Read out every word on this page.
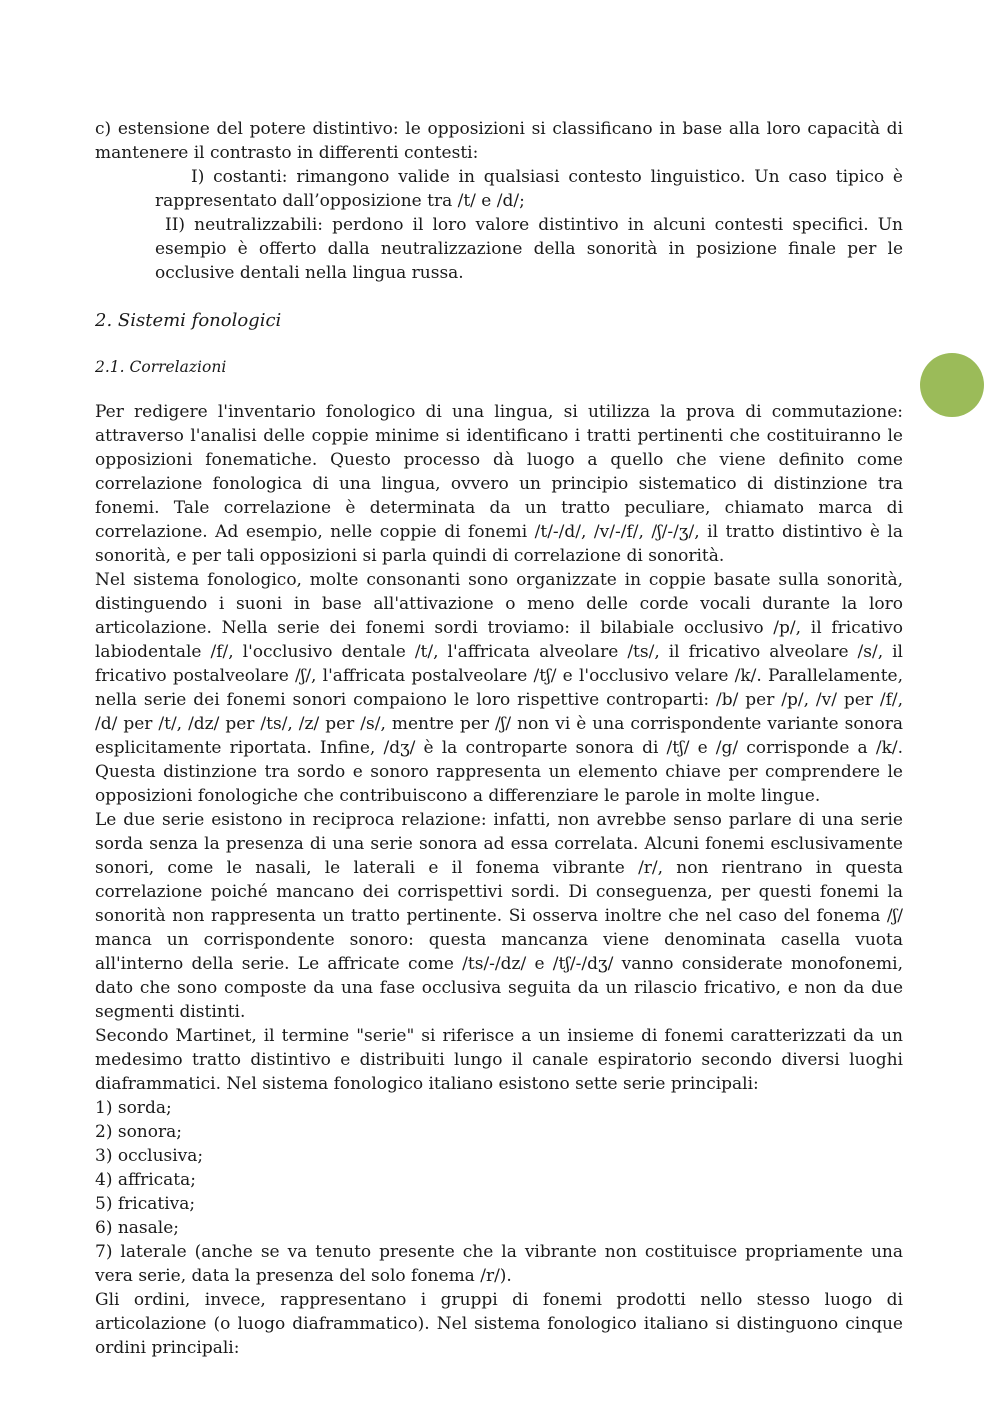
c) estensione del potere distintivo: le opposizioni si classificano in base alla loro capacità di mantenere il contrasto in differenti contesti:

I) costanti: rimangono valide in qualsiasi contesto linguistico. Un caso tipico è rappresentato dall’opposizione tra /t/ e /d/;

II) neutralizzabili: perdono il loro valore distintivo in alcuni contesti specifici. Un esempio è offerto dalla neutralizzazione della sonorità in posizione finale per le occlusive dentali nella lingua russa.

2. Sistemi fonologici

2.1. Correlazioni

Per redigere l'inventario fonologico di una lingua, si utilizza la prova di commutazione: attraverso l'analisi delle coppie minime si identificano i tratti pertinenti che costituiranno le opposizioni fonematiche. Questo processo dà luogo a quello che viene definito come correlazione fonologica di una lingua, ovvero un principio sistematico di distinzione tra fonemi. Tale correlazione è determinata da un tratto peculiare, chiamato marca di correlazione. Ad esempio, nelle coppie di fonemi /t/-/d/, /v/-/f/, /ʃ/-/ʒ/, il tratto distintivo è la sonorità, e per tali opposizioni si parla quindi di correlazione di sonorità.

Nel sistema fonologico, molte consonanti sono organizzate in coppie basate sulla sonorità, distinguendo i suoni in base all'attivazione o meno delle corde vocali durante la loro articolazione. Nella serie dei fonemi sordi troviamo: il bilabiale occlusivo /p/, il fricativo labiodentale /f/, l'occlusivo dentale /t/, l'affricata alveolare /ts/, il fricativo alveolare /s/, il fricativo postalveolare /ʃ/, l'affricata postalveolare /tʃ/ e l'occlusivo velare /k/. Parallelamente, nella serie dei fonemi sonori compaiono le loro rispettive controparti: /b/ per /p/, /v/ per /f/, /d/ per /t/, /dz/ per /ts/, /z/ per /s/, mentre per /ʃ/ non vi è una corrispondente variante sonora esplicitamente riportata. Infine, /dʒ/ è la controparte sonora di /tʃ/ e /g/ corrisponde a /k/. Questa distinzione tra sordo e sonoro rappresenta un elemento chiave per comprendere le opposizioni fonologiche che contribuiscono a differenziare le parole in molte lingue.

Le due serie esistono in reciproca relazione: infatti, non avrebbe senso parlare di una serie sorda senza la presenza di una serie sonora ad essa correlata. Alcuni fonemi esclusivamente sonori, come le nasali, le laterali e il fonema vibrante /r/, non rientrano in questa correlazione poiché mancano dei corrispettivi sordi. Di conseguenza, per questi fonemi la sonorità non rappresenta un tratto pertinente. Si osserva inoltre che nel caso del fonema /ʃ/ manca un corrispondente sonoro: questa mancanza viene denominata casella vuota all'interno della serie. Le affricate come /ts/-/dz/ e /tʃ/-/dʒ/ vanno considerate monofonemi, dato che sono composte da una fase occlusiva seguita da un rilascio fricativo, e non da due segmenti distinti.

Secondo Martinet, il termine "serie" si riferisce a un insieme di fonemi caratterizzati da un medesimo tratto distintivo e distribuiti lungo il canale espiratorio secondo diversi luoghi diaframmatici. Nel sistema fonologico italiano esistono sette serie principali:

1) sorda;

2) sonora;

3) occlusiva;

4) affricata;

5) fricativa;

6) nasale;

7) laterale (anche se va tenuto presente che la vibrante non costituisce propriamente una vera serie, data la presenza del solo fonema /r/).

Gli ordini, invece, rappresentano i gruppi di fonemi prodotti nello stesso luogo di articolazione (o luogo diaframmatico). Nel sistema fonologico italiano si distinguono cinque ordini principali:
